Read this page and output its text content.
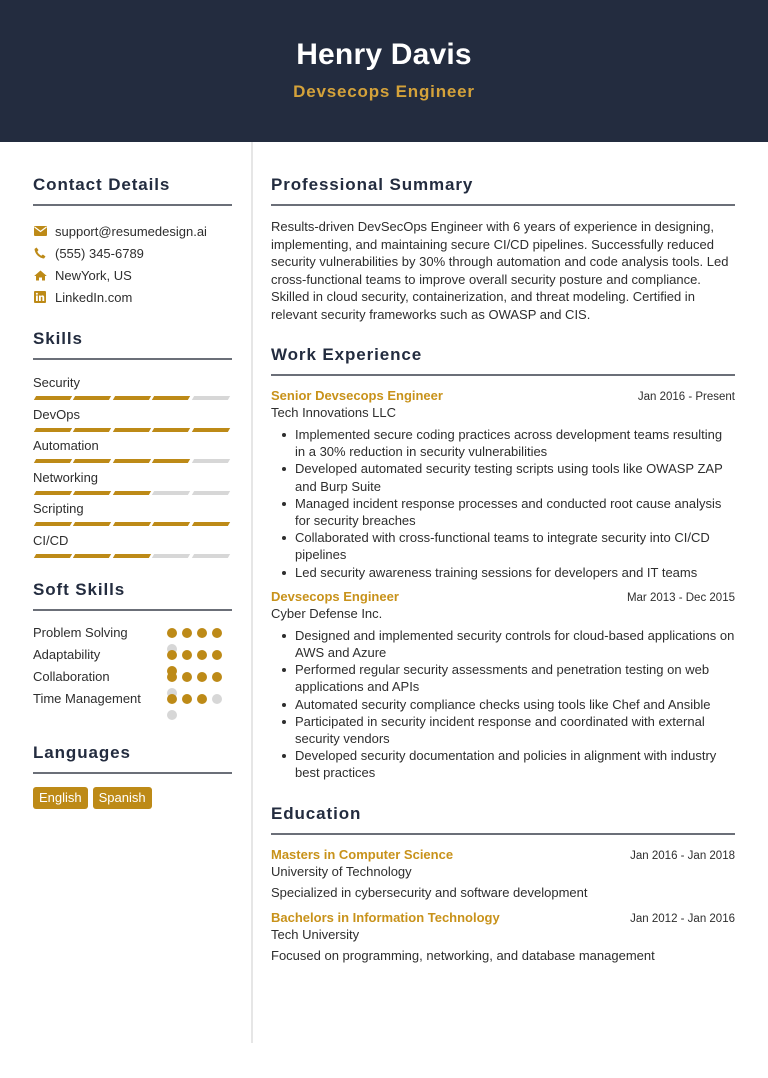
Henry Davis
Devsecops Engineer
Contact Details
support@resumedesign.ai
(555) 345-6789
NewYork, US
LinkedIn.com
Skills
Security
DevOps
Automation
Networking
Scripting
CI/CD
Soft Skills
Problem Solving
Adaptability
Collaboration
Time Management
Languages
English	Spanish
Professional Summary

Results-driven DevSecOps Engineer with 6 years of experience in designing, implementing, and maintaining secure CI/CD pipelines. Successfully reduced security vulnerabilities by 30% through automation and code analysis tools. Led cross-functional teams to improve overall security posture and compliance. Skilled in cloud security, containerization, and threat modeling. Certified in relevant security frameworks such as OWASP and CIS.

Work Experience
Senior Devsecops Engineer	Jan 2016 - Present
Tech Innovations LLC
Implemented secure coding practices across development teams resulting in a 30% reduction in security vulnerabilities
Developed automated security testing scripts using tools like OWASP ZAP and Burp Suite
Managed incident response processes and conducted root cause analysis for security breaches
Collaborated with cross-functional teams to integrate security into CI/CD pipelines
Led security awareness training sessions for developers and IT teams
Devsecops Engineer	Mar 2013 - Dec 2015
Cyber Defense Inc.
Designed and implemented security controls for cloud-based applications on AWS and Azure
Performed regular security assessments and penetration testing on web applications and APIs
Automated security compliance checks using tools like Chef and Ansible
Participated in security incident response and coordinated with external security vendors
Developed security documentation and policies in alignment with industry best practices
Education
Masters in Computer Science	Jan 2016 - Jan 2018
University of Technology
Specialized in cybersecurity and software development
Bachelors in Information Technology	Jan 2012 - Jan 2016
Tech University
Focused on programming, networking, and database management
